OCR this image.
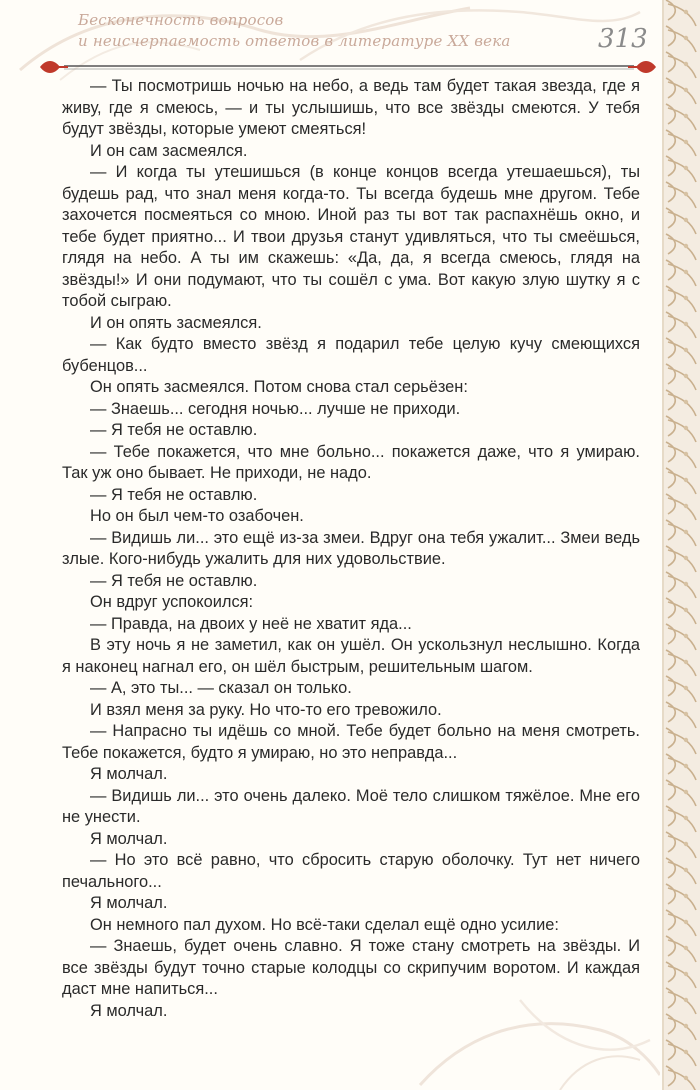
Бесконечность вопросов
и неисчерпаемость ответов в литературе XX века	313

— Ты посмотришь ночью на небо, а ведь там будет такая звезда, где я живу, где я смеюсь, — и ты услышишь, что все звёзды смеются. У тебя будут звёзды, которые умеют смеяться!

И он сам засмеялся.

— И когда ты утешишься (в конце концов всегда утешаешься), ты будешь рад, что знал меня когда-то. Ты всегда будешь мне другом. Тебе захочется посмеяться со мною. Иной раз ты вот так распахнёшь окно, и тебе будет приятно... И твои друзья станут удивляться, что ты смеёшься, глядя на небо. А ты им скажешь: «Да, да, я всегда смеюсь, глядя на звёзды!» И они подумают, что ты сошёл с ума. Вот какую злую шутку я с тобой сыграю.

И он опять засмеялся.

— Как будто вместо звёзд я подарил тебе целую кучу смеющихся бубенцов...

Он опять засмеялся. Потом снова стал серьёзен:

— Знаешь... сегодня ночью... лучше не приходи.

— Я тебя не оставлю.

— Тебе покажется, что мне больно... покажется даже, что я умираю. Так уж оно бывает. Не приходи, не надо.

— Я тебя не оставлю.

Но он был чем-то озабочен.

— Видишь ли... это ещё из-за змеи. Вдруг она тебя ужалит... Змеи ведь злые. Кого-нибудь ужалить для них удовольствие.

— Я тебя не оставлю.

Он вдруг успокоился:

— Правда, на двоих у неё не хватит яда...

В эту ночь я не заметил, как он ушёл. Он ускользнул неслышно. Когда я наконец нагнал его, он шёл быстрым, решительным шагом.

— А, это ты... — сказал он только.

И взял меня за руку. Но что-то его тревожило.

— Напрасно ты идёшь со мной. Тебе будет больно на меня смотреть. Тебе покажется, будто я умираю, но это неправда...

Я молчал.

— Видишь ли... это очень далеко. Моё тело слишком тяжёлое. Мне его не унести.

Я молчал.

— Но это всё равно, что сбросить старую оболочку. Тут нет ничего печального...

Я молчал.

Он немного пал духом. Но всё-таки сделал ещё одно усилие:

— Знаешь, будет очень славно. Я тоже стану смотреть на звёзды. И все звёзды будут точно старые колодцы со скрипучим воротом. И каждая даст мне напиться...

Я молчал.
